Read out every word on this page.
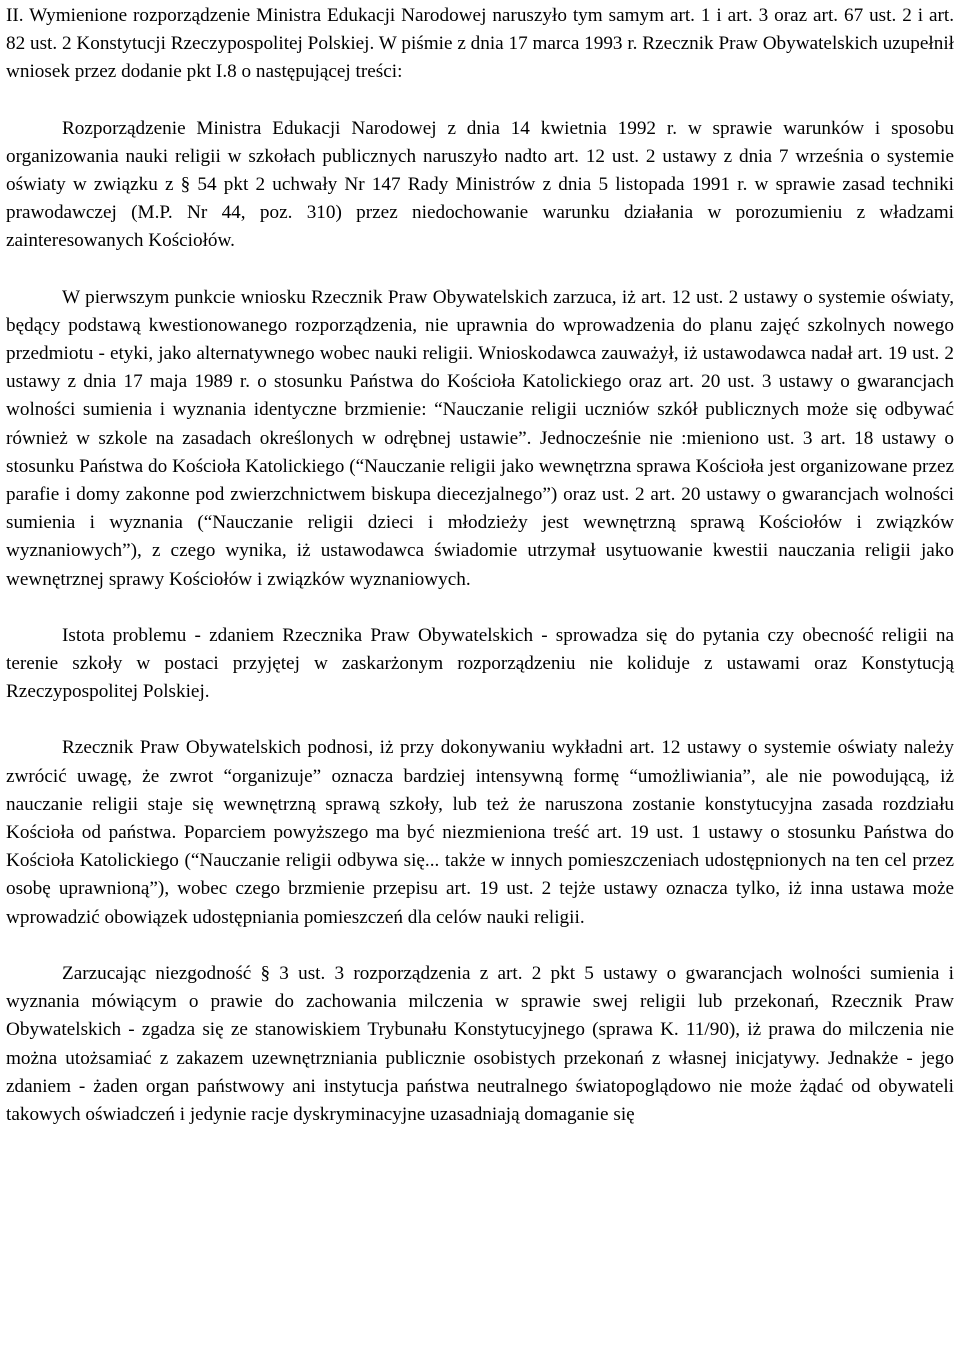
II. Wymienione rozporządzenie Ministra Edukacji Narodowej naruszyło tym samym art. 1 i art. 3 oraz art. 67 ust. 2 i art. 82 ust. 2 Konstytucji Rzeczypospolitej Polskiej. W piśmie z dnia 17 marca 1993 r. Rzecznik Praw Obywatelskich uzupełnił wniosek przez dodanie pkt I.8 o następującej treści:

Rozporządzenie Ministra Edukacji Narodowej z dnia 14 kwietnia 1992 r. w sprawie warunków i sposobu organizowania nauki religii w szkołach publicznych naruszyło nadto art. 12 ust. 2 ustawy z dnia 7 września o systemie oświaty w związku z § 54 pkt 2 uchwały Nr 147 Rady Ministrów z dnia 5 listopada 1991 r. w sprawie zasad techniki prawodawczej (M.P. Nr 44, poz. 310) przez niedochowanie warunku działania w porozumieniu z władzami zainteresowanych Kościołów.

W pierwszym punkcie wniosku Rzecznik Praw Obywatelskich zarzuca, iż art. 12 ust. 2 ustawy o systemie oświaty, będący podstawą kwestionowanego rozporządzenia, nie uprawnia do wprowadzenia do planu zajęć szkolnych nowego przedmiotu - etyki, jako alternatywnego wobec nauki religii. Wnioskodawca zauważył, iż ustawodawca nadał art. 19 ust. 2 ustawy z dnia 17 maja 1989 r. o stosunku Państwa do Kościoła Katolickiego oraz art. 20 ust. 3 ustawy o gwarancjach wolności sumienia i wyznania identyczne brzmienie: “Nauczanie religii uczniów szkół publicznych może się odbywać również w szkole na zasadach określonych w odrębnej ustawie”. Jednocześnie nie :mieniono ust. 3 art. 18 ustawy o stosunku Państwa do Kościoła Katolickiego (“Nauczanie religii jako wewnętrzna sprawa Kościoła jest organizowane przez parafie i domy zakonne pod zwierzchnictwem biskupa diecezjalnego”) oraz ust. 2 art. 20 ustawy o gwarancjach wolności sumienia i wyznania (“Nauczanie religii dzieci i młodzieży jest wewnętrzną sprawą Kościołów i związków wyznaniowych”), z czego wynika, iż ustawodawca świadomie utrzymał usytuowanie kwestii nauczania religii jako wewnętrznej sprawy Kościołów i związków wyznaniowych.

Istota problemu - zdaniem Rzecznika Praw Obywatelskich - sprowadza się do pytania czy obecność religii na terenie szkoły w postaci przyjętej w zaskarżonym rozporządzeniu nie koliduje z ustawami oraz Konstytucją Rzeczypospolitej Polskiej.

Rzecznik Praw Obywatelskich podnosi, iż przy dokonywaniu wykładni art. 12 ustawy o systemie oświaty należy zwrócić uwagę, że zwrot “organizuje” oznacza bardziej intensywną formę “umożliwiania”, ale nie powodującą, iż nauczanie religii staje się wewnętrzną sprawą szkoły, lub też że naruszona zostanie konstytucyjna zasada rozdziału Kościoła od państwa. Poparciem powyższego ma być niezmieniona treść art. 19 ust. 1 ustawy o stosunku Państwa do Kościoła Katolickiego (“Nauczanie religii odbywa się... także w innych pomieszczeniach udostępnionych na ten cel przez osobę uprawnioną”), wobec czego brzmienie przepisu art. 19 ust. 2 tejże ustawy oznacza tylko, iż inna ustawa może wprowadzić obowiązek udostępniania pomieszczeń dla celów nauki religii.

Zarzucając niezgodność § 3 ust. 3 rozporządzenia z art. 2 pkt 5 ustawy o gwarancjach wolności sumienia i wyznania mówiącym o prawie do zachowania milczenia w sprawie swej religii lub przekonań, Rzecznik Praw Obywatelskich - zgadza się ze stanowiskiem Trybunału Konstytucyjnego (sprawa K. 11/90), iż prawa do milczenia nie można utożsamiać z zakazem uzewnętrzniania publicznie osobistych przekonań z własnej inicjatywy. Jednakże - jego zdaniem - żaden organ państwowy ani instytucja państwa neutralnego światopoglądowo nie może żądać od obywateli takowych oświadczeń i jedynie racje dyskryminacyjne uzasadniają domaganie się
